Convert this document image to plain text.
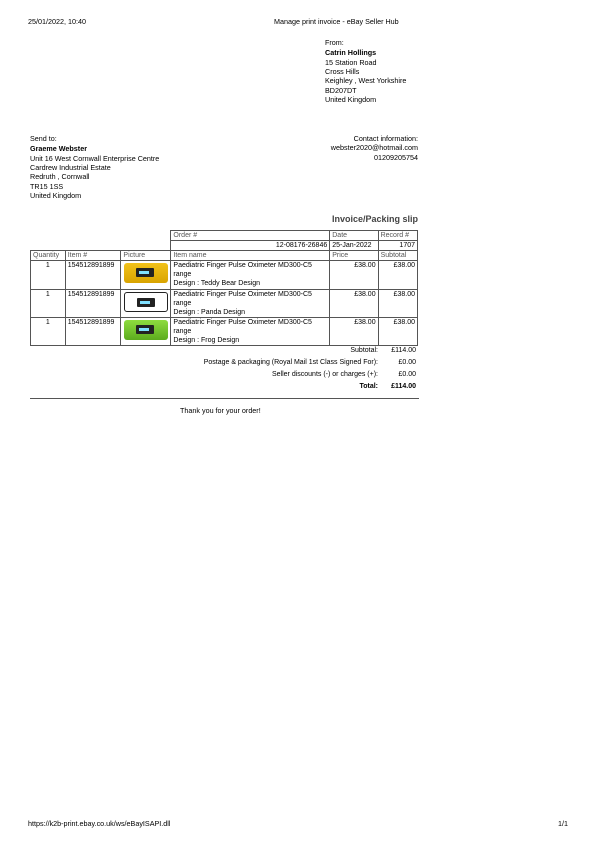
25/01/2022, 10:40	Manage print invoice - eBay Seller Hub
From:
Catrin Hollings
15 Station Road
Cross Hills
Keighley , West Yorkshire
BD207DT
United Kingdom
Send to:
Graeme Webster
Unit 16 West Cornwall Enterprise Centre
Cardrew Industrial Estate
Redruth , Cornwall
TR15 1SS
United Kingdom
Contact information:
webster2020@hotmail.com
01209205754
Invoice/Packing slip
			Order #	Date	Record #
			12-08176-26846	25-Jan-2022	1707
Quantity	Item #	Picture	Item name	Price	Subtotal
1	154512891899		Paediatric Finger Pulse Oximeter MD300-C5
range
Design : Teddy Bear Design	£38.00	£38.00
1	154512891899		Paediatric Finger Pulse Oximeter MD300-C5
range
Design : Panda Design	£38.00	£38.00
1	154512891899		Paediatric Finger Pulse Oximeter MD300-C5
range
Design : Frog Design	£38.00	£38.00
Subtotal: £114.00
Postage & packaging (Royal Mail 1st Class Signed For):	£0.00
Seller discounts (-) or charges (+):	£0.00
Total: £114.00
Thank you for your order!
https://k2b-print.ebay.co.uk/ws/eBayISAPI.dll	1/1
